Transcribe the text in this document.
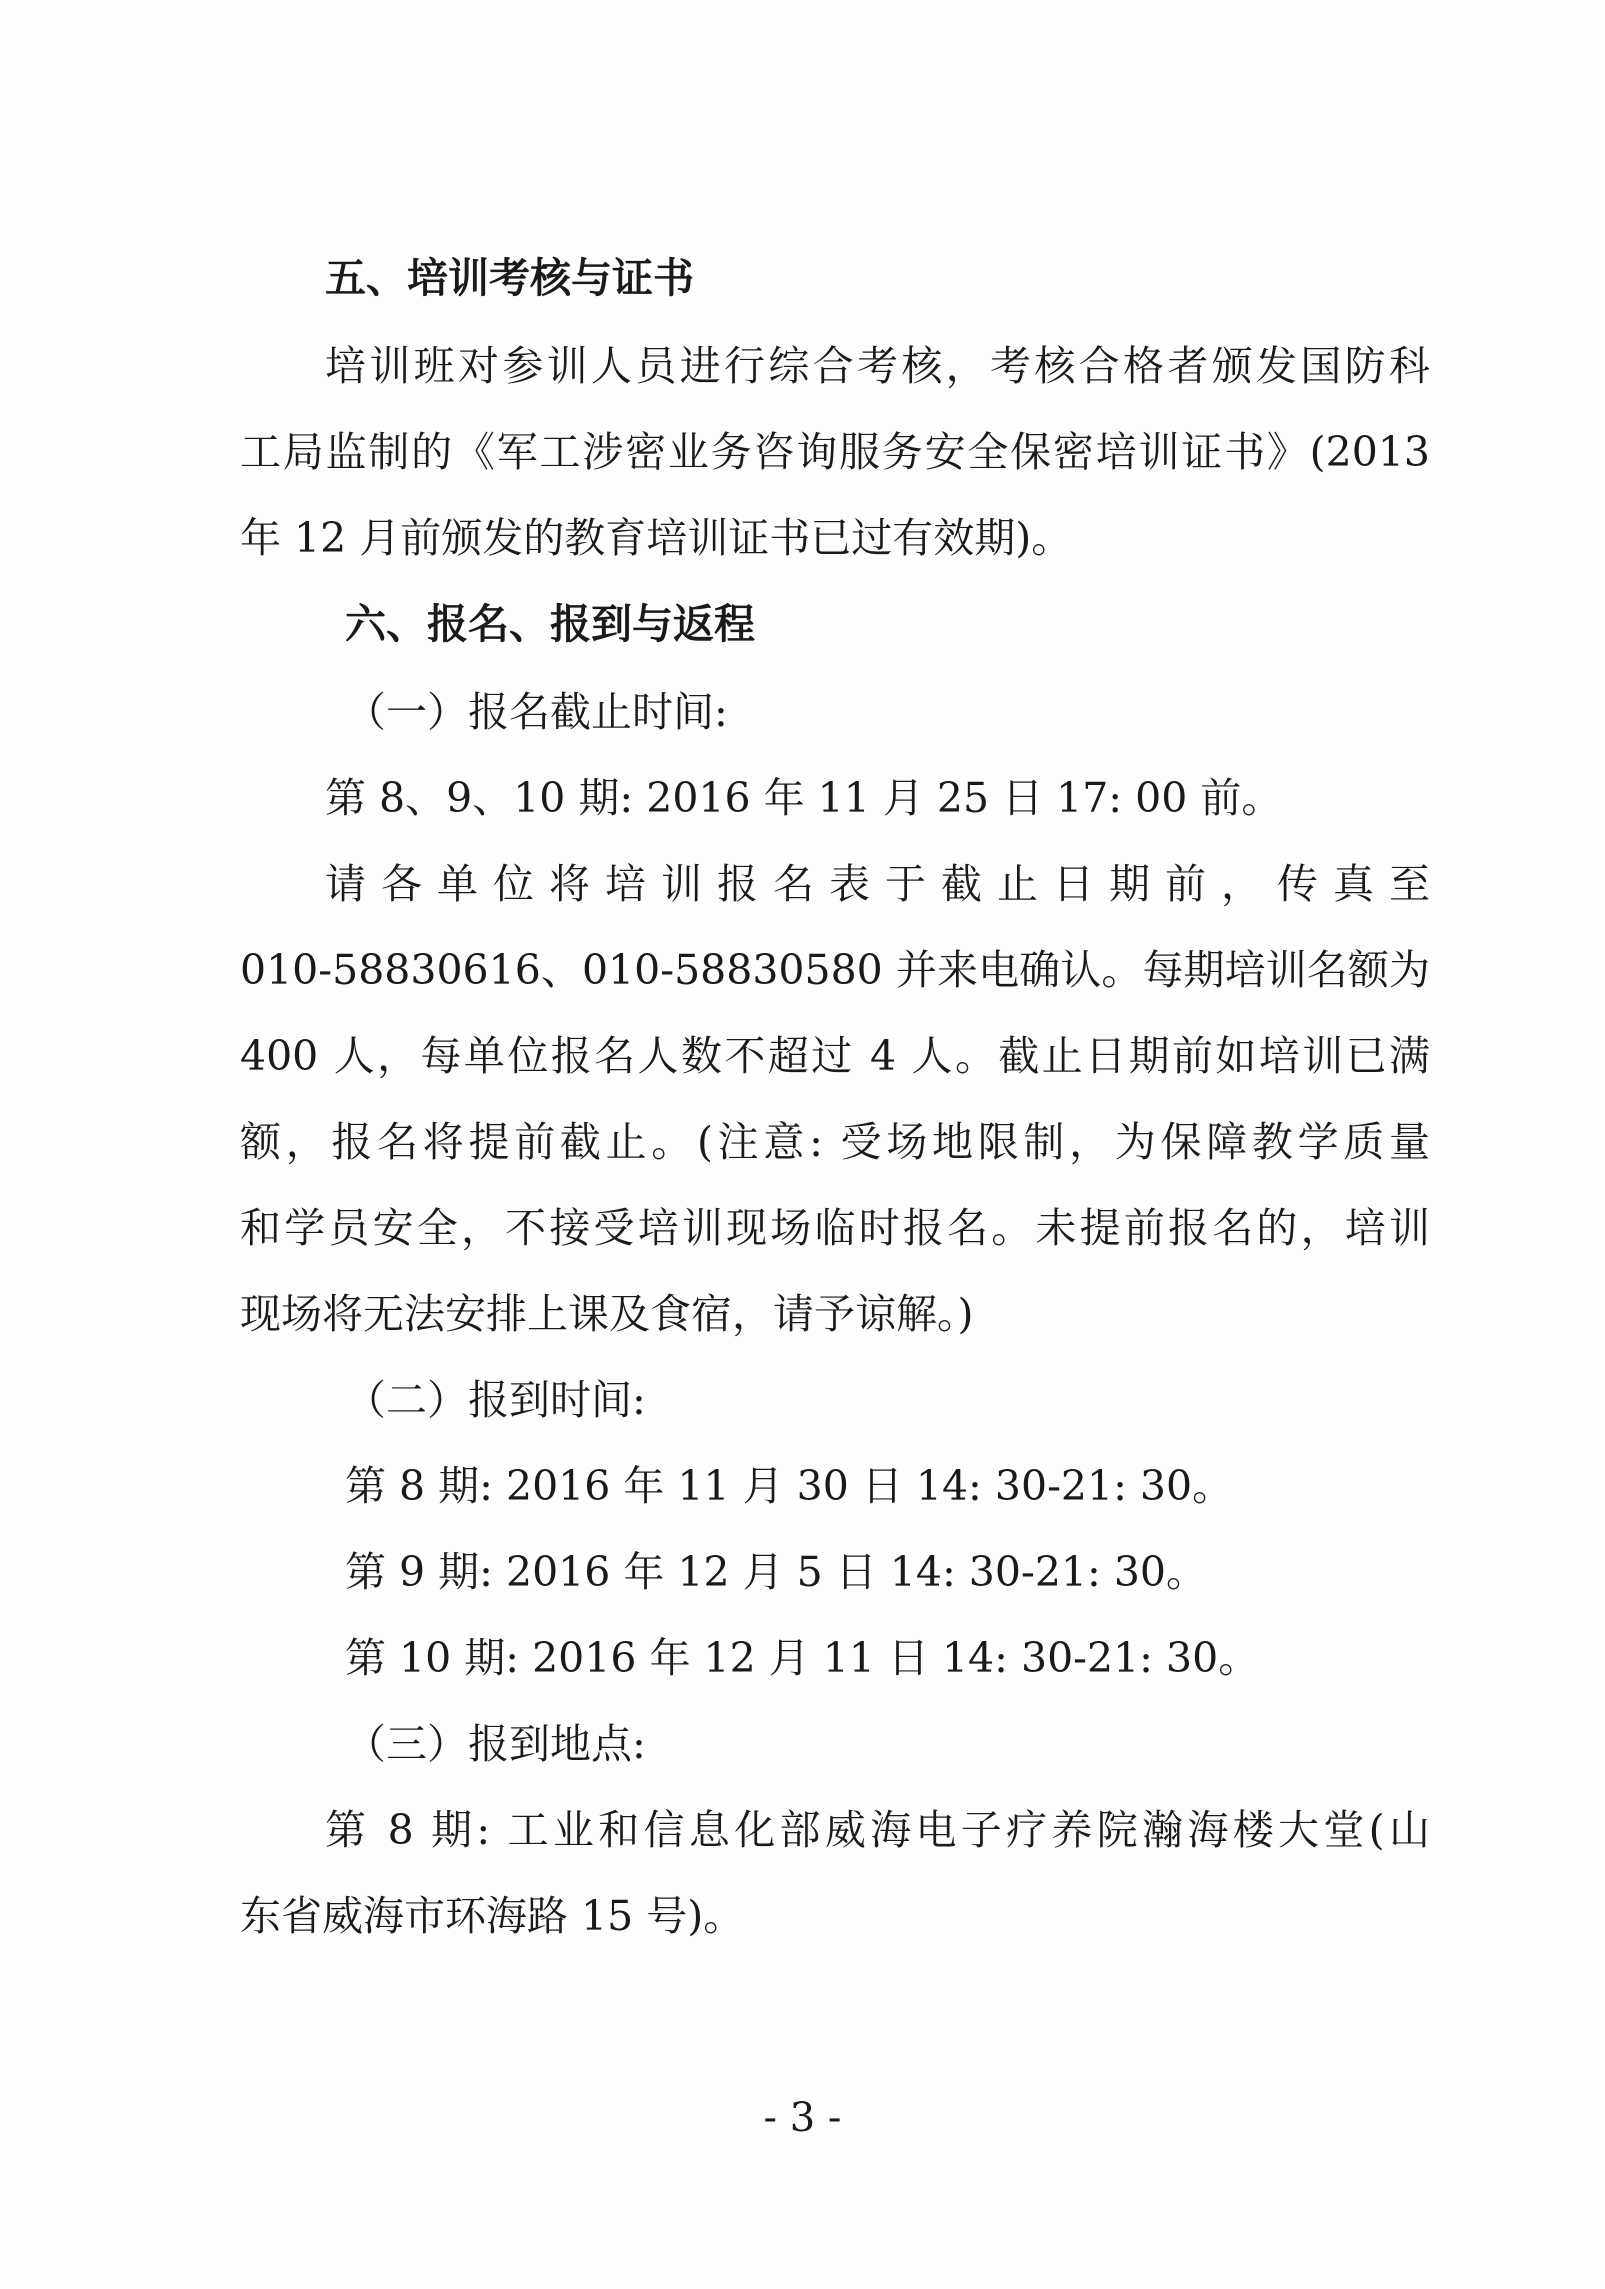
五、培训考核与证书
培训班对参训人员进行综合考核，考核合格者颁发国防科
工局监制的《军工涉密业务咨询服务安全保密培训证书》(2013
年 12 月前颁发的教育培训证书已过有效期)。
六、报名、报到与返程
（一）报名截止时间:
第 8、9、10 期: 2016 年 11 月 25 日 17: 00 前。
请各单位将培训报名表于截止日期前，传真至
010-58830616、010-58830580 并来电确认。每期培训名额为
400 人，每单位报名人数不超过 4 人。截止日期前如培训已满
额，报名将提前截止。(注意: 受场地限制，为保障教学质量
和学员安全，不接受培训现场临时报名。未提前报名的，培训
现场将无法安排上课及食宿，请予谅解。)
（二）报到时间:
第 8 期: 2016 年 11 月 30 日 14: 30-21: 30。
第 9 期: 2016 年 12 月 5 日 14: 30-21: 30。
第 10 期: 2016 年 12 月 11 日 14: 30-21: 30。
（三）报到地点:
第 8 期: 工业和信息化部威海电子疗养院瀚海楼大堂(山
东省威海市环海路 15 号)。
- 3 -
